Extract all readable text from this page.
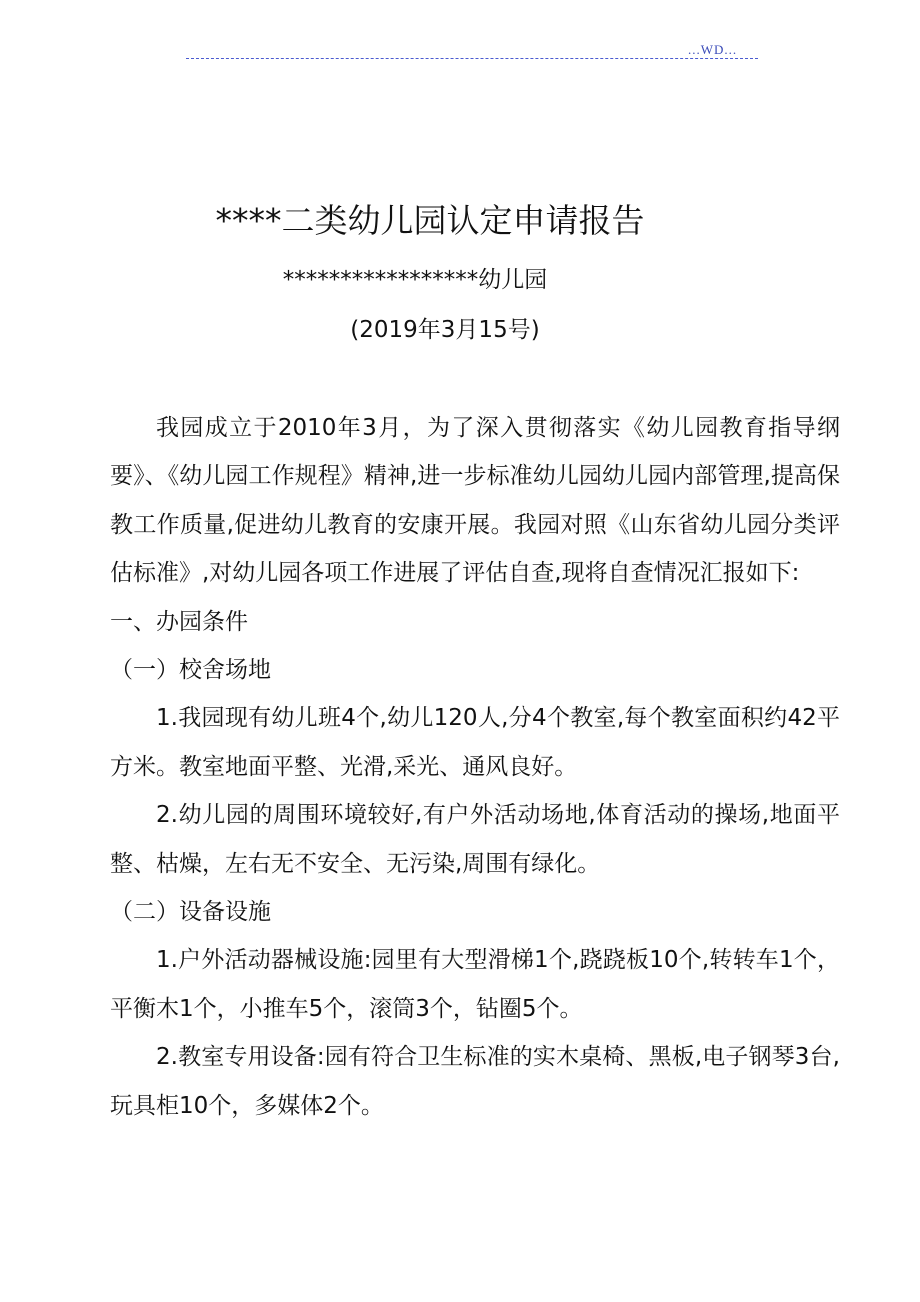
...WD...
****二类幼儿园认定申请报告
*****************幼儿园
(2019年3月15号)

我园成立于2010年3月，为了深入贯彻落实《幼儿园教育指导纲要》、《幼儿园工作规程》精神,进一步标准幼儿园幼儿园内部管理,提高保教工作质量,促进幼儿教育的安康开展。我园对照《山东省幼儿园分类评估标准》,对幼儿园各项工作进展了评估自查,现将自查情况汇报如下:

一、办园条件

（一）校舍场地

1.我园现有幼儿班4个,幼儿120人,分4个教室,每个教室面积约42平方米。教室地面平整、光滑,采光、通风良好。

2.幼儿园的周围环境较好,有户外活动场地,体育活动的操场,地面平整、枯燥，左右无不安全、无污染,周围有绿化。

（二）设备设施

1.户外活动器械设施:园里有大型滑梯1个,跷跷板10个,转转车1个，平衡木1个，小推车5个，滚筒3个，钻圈5个。

2.教室专用设备:园有符合卫生标准的实木桌椅、黑板,电子钢琴3台,玩具柜10个，多媒体2个。
